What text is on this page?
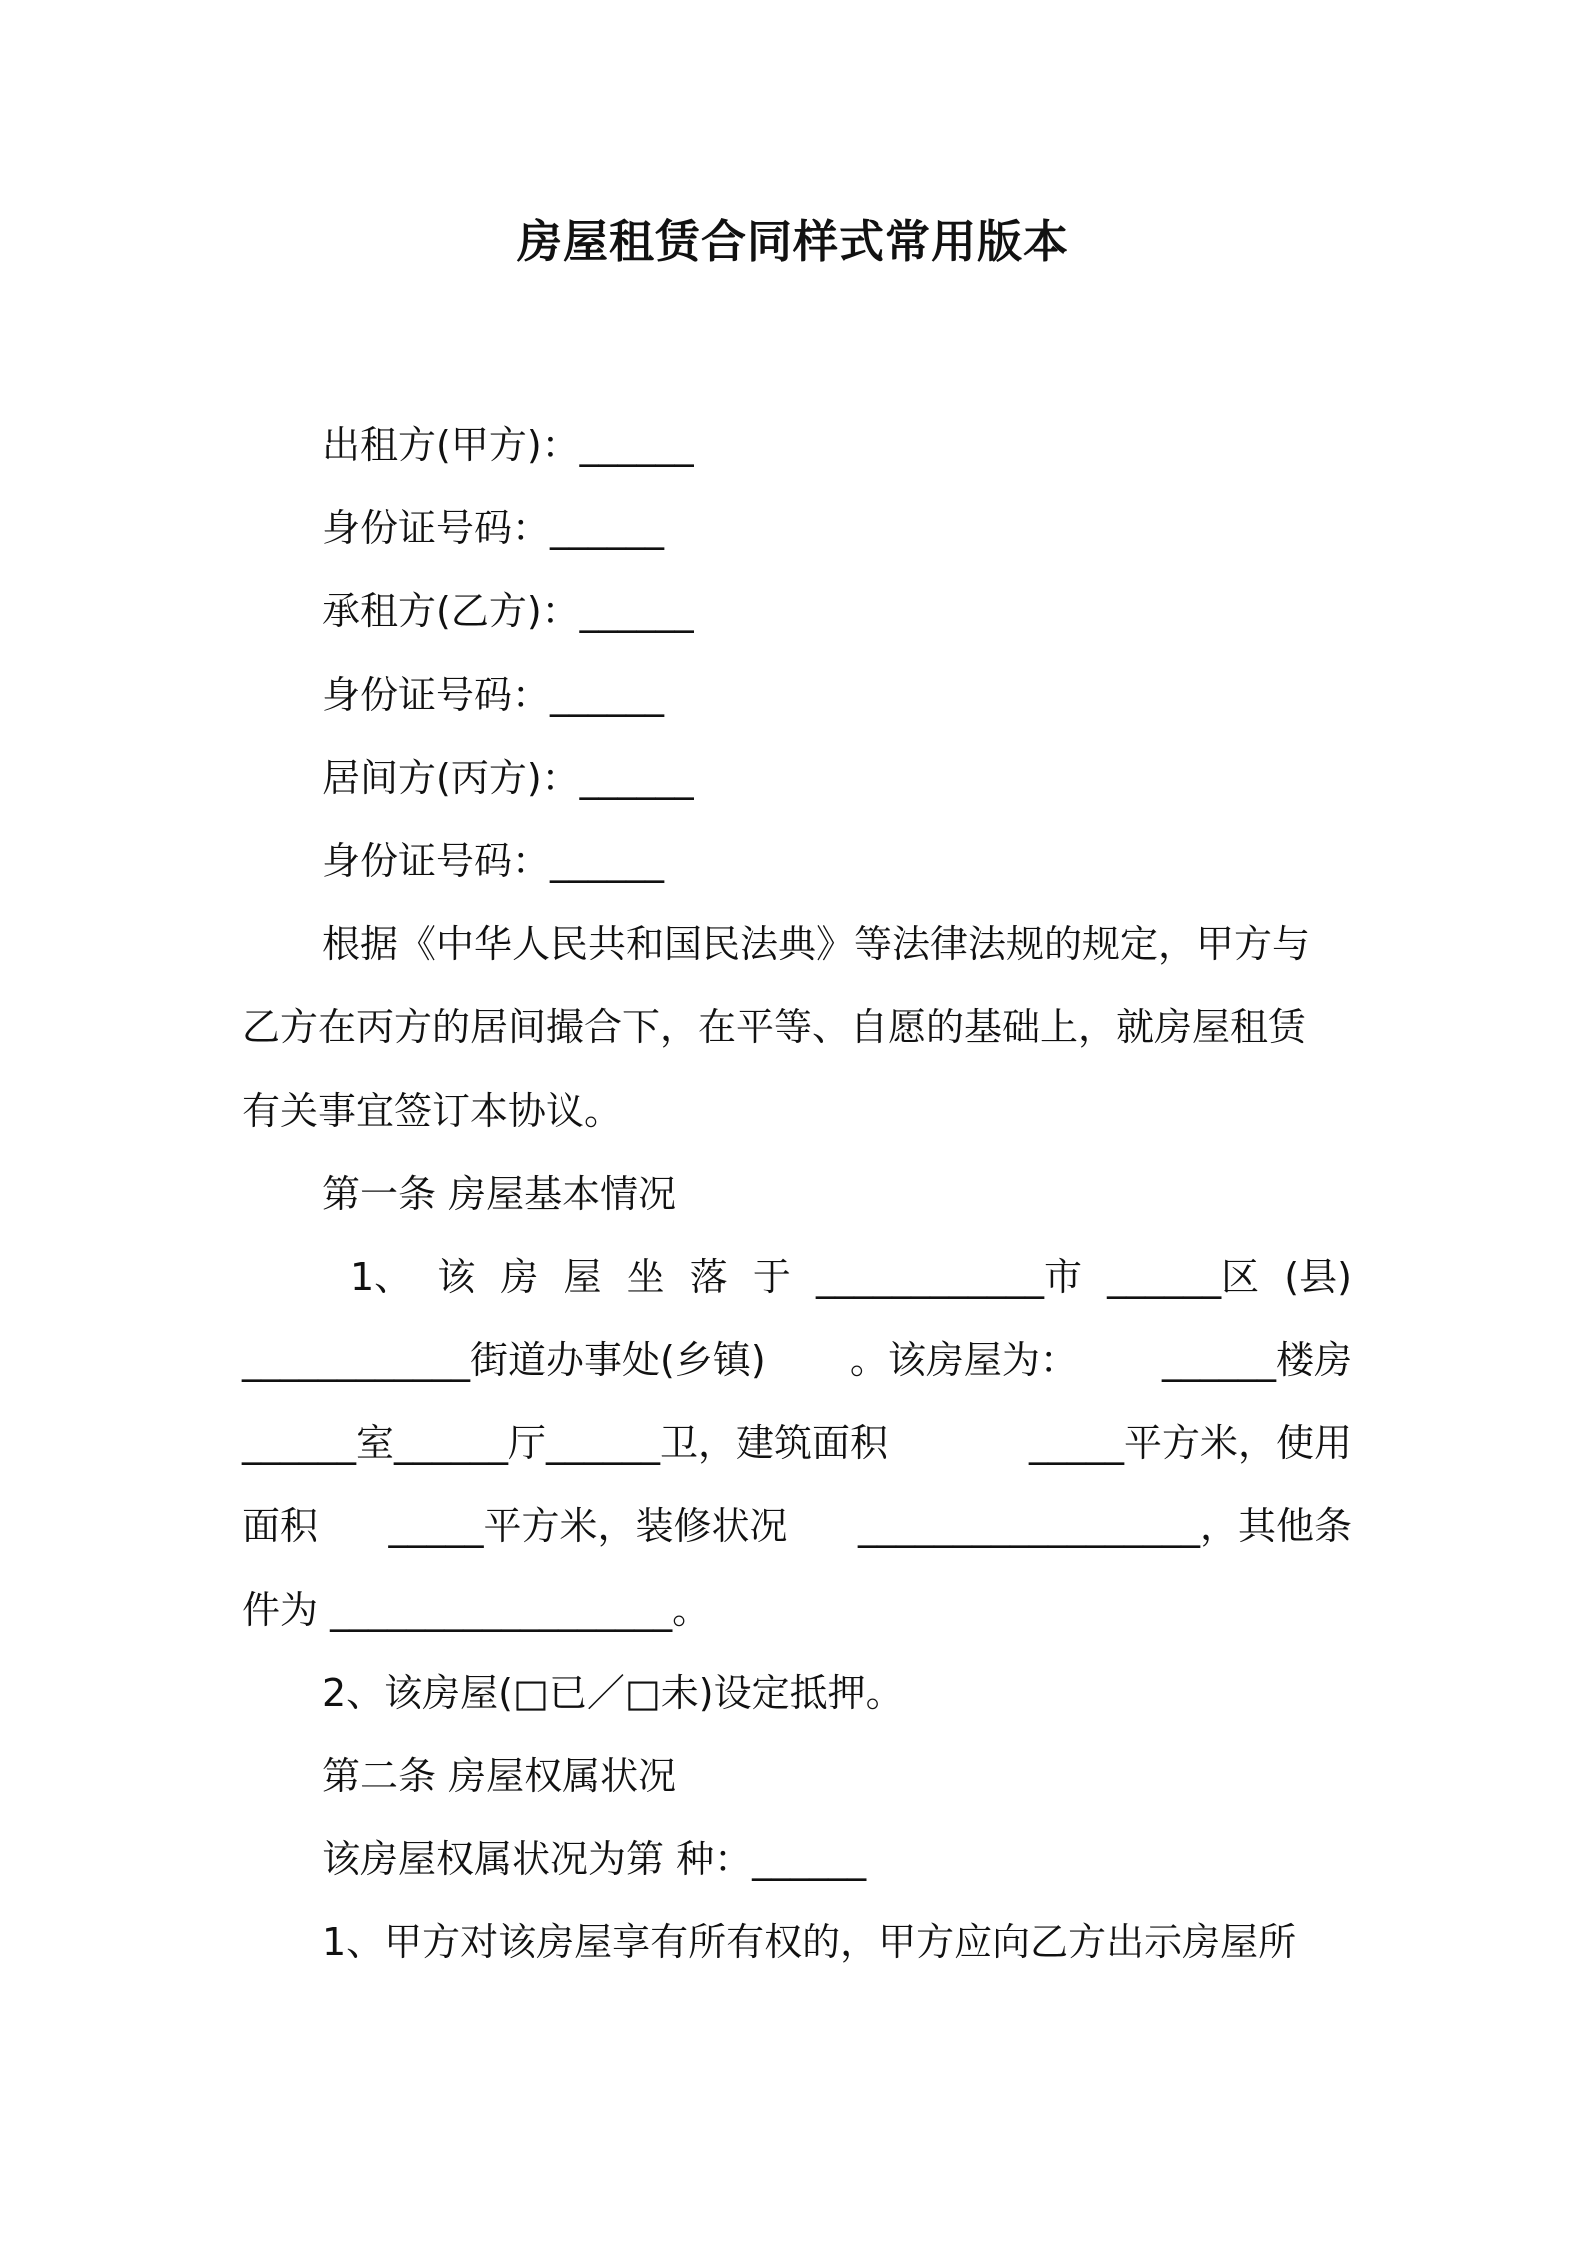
房屋租赁合同样式常用版本

出租方(甲方)：______

身份证号码：______

承租方(乙方)：______

身份证号码：______

居间方(丙方)：______

身份证号码：______

根据《中华人民共和国民法典》等法律法规的规定，甲方与

乙方在丙方的居间撮合下，在平等、自愿的基础上，就房屋租赁

有关事宜签订本协议。

第一条 房屋基本情况

1、 该 房 屋 坐 落 于 ____________市 ______区 (县)
____________街道办事处(乡镇) 。该房屋为： ______楼房
______室______厅______卫，建筑面积	_____平方米，使用
面积 _____平方米，装修状况 __________________，其他条

件为 __________________。

2、该房屋(□已／□未)设定抵押。

第二条 房屋权属状况

该房屋权属状况为第 种：______

1、甲方对该房屋享有所有权的，甲方应向乙方出示房屋所
